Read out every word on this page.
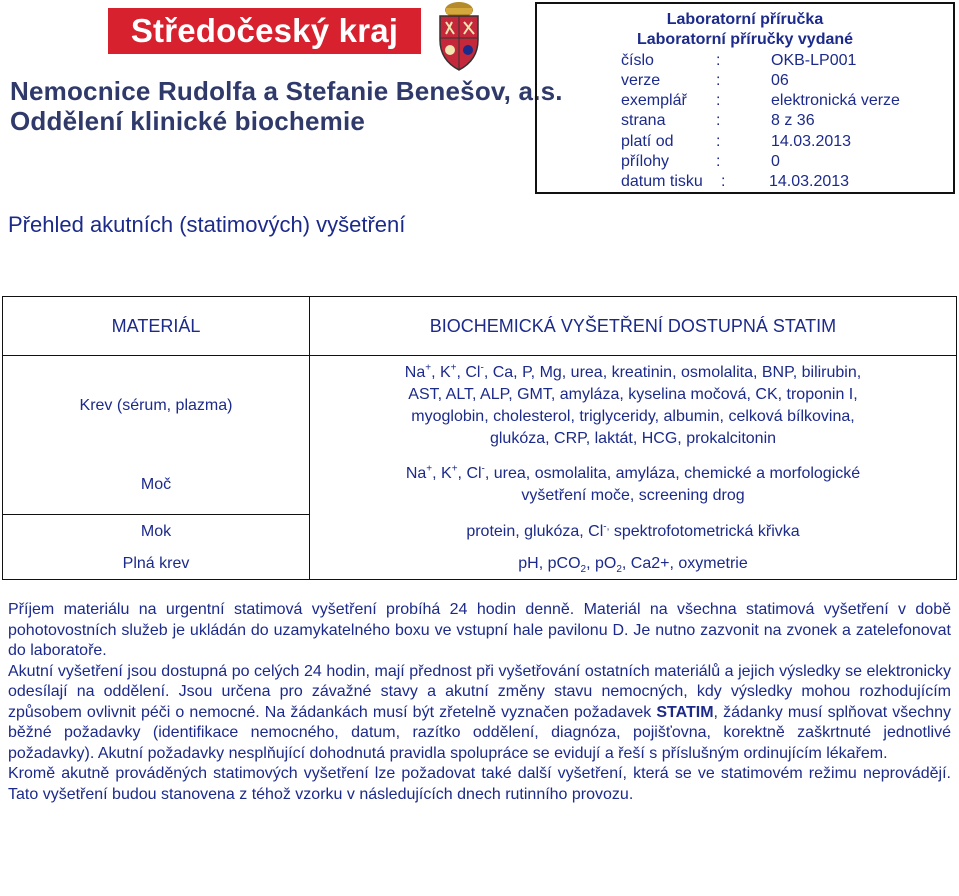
Středočeský kraj
Nemocnice Rudolfa a Stefanie Benešov, a.s.
Oddělení klinické biochemie
Laboratorní příručka
Laboratorní příručky vydané
číslo	:	OKB-LP001
verze	:	06
exemplář :	elektronická verze
strana	:	8 z 36
platí od	:	14.03.2013
přílohy	:	0
datum tisku :	14.03.2013
Přehled akutních (statimových) vyšetření
MATERIÁL	BIOCHEMICKÁ VYŠETŘENÍ DOSTUPNÁ STATIM
Krev (sérum, plazma)	Na+, K+, Cl-, Ca, P, Mg, urea, kreatinin, osmolalita, BNP, bilirubin,
AST, ALT, ALP, GMT, amyláza, kyselina močová, CK, troponin I,
myoglobin, cholesterol, triglyceridy, albumin, celková bílkovina,
glukóza, CRP, laktát, HCG, prokalcitonin

Moč	Na+, K+, Cl-, urea, osmolalita, amyláza, chemické a morfologické
vyšetření moče, screening drog

Mok	protein, glukóza, Cl-, spektrofotometrická křivka
Plná krev	pH, pCO$_2$, $pO_2$, Ca2+, oxymetrie

Příjem materiálu na urgentní statimová vyšetření probíhá 24 hodin denně. Materiál na všechna statimová vyšetření v době pohotovostních služeb je ukládán do uzamykatelného boxu ve vstupní hale pavilonu D. Je nutno zazvonit na zvonek a zatelefonovat do laboratoře.

Akutní vyšetření jsou dostupná po celých 24 hodin, mají přednost při vyšetřování ostatních materiálů a jejich výsledky se elektronicky odesílají na oddělení. Jsou určena pro závažné stavy a akutní změny stavu nemocných, kdy výsledky mohou rozhodujícím způsobem ovlivnit péči o nemocné. Na žádankách musí být zřetelně vyznačen požadavek STATIM, žádanky musí splňovat všechny běžné požadavky (identifikace nemocného, datum, razítko oddělení, diagnóza, pojišťovna, korektně zaškrtnuté jednotlivé požadavky). Akutní požadavky nesplňující dohodnutá pravidla spolupráce se evidují a řeší s příslušným ordinujícím lékařem.

Kromě akutně prováděných statimových vyšetření lze požadovat také další vyšetření, která se ve statimovém režimu neprovádějí. Tato vyšetření budou stanovena z téhož vzorku v následujících dnech rutinního provozu.
